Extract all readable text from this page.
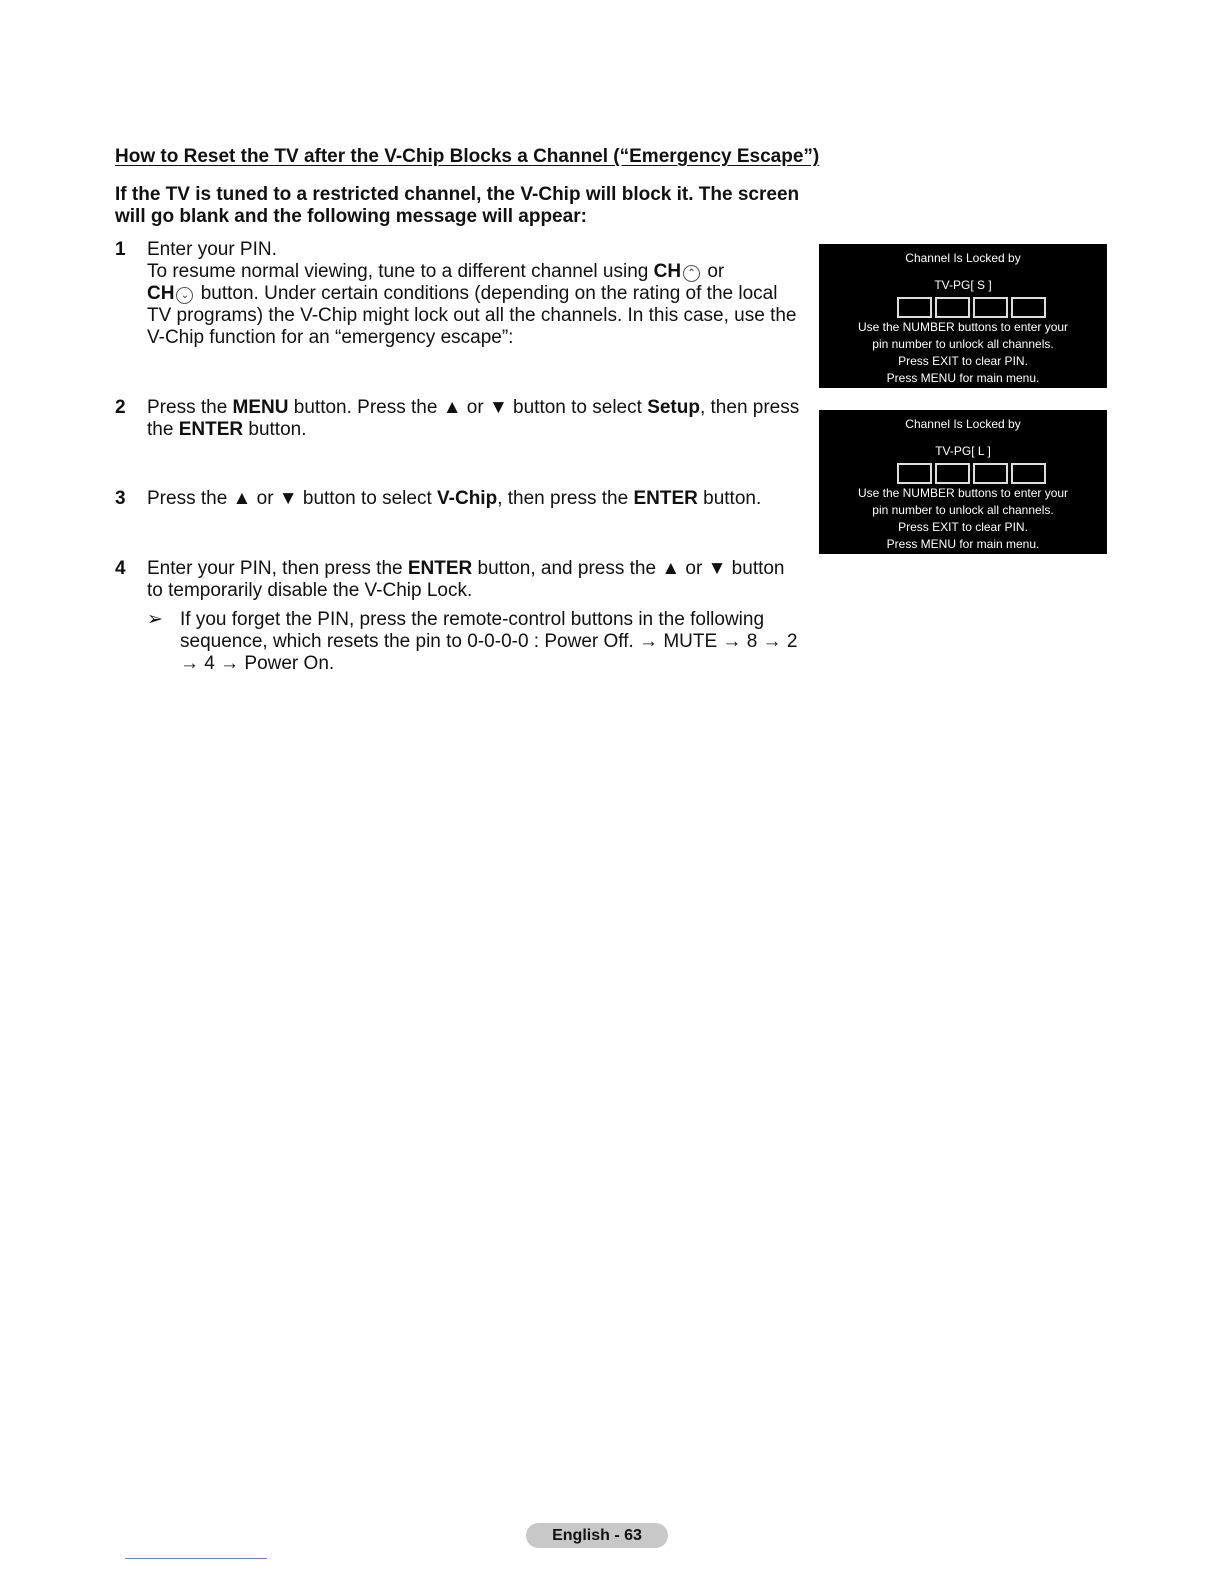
How to Reset the TV after the V-Chip Blocks a Channel (“Emergency Escape”)
If the TV is tuned to a restricted channel, the V-Chip will block it. The screen will go blank and the following message will appear:
1 Enter your PIN.
To resume normal viewing, tune to a different channel using CH ⌃ or
CH ⌄ button. Under certain conditions (depending on the rating of the local TV programs) the V-Chip might lock out all the channels. In this case, use the V-Chip function for an “emergency escape”:
2 Press the MENU button. Press the ▲ or ▼ button to select Setup, then press the ENTER button.
3 Press the ▲ or ▼ button to select V-Chip, then press the ENTER button.
4 Enter your PIN, then press the ENTER button, and press the ▲ or ▼ button to temporarily disable the V-Chip Lock.
➢ If you forget the PIN, press the remote-control buttons in the following sequence, which resets the pin to 0-0-0-0 : Power Off. → MUTE → 8 → 2 → 4 → Power On.
Channel Is Locked by
TV-PG[ S ]
Use the NUMBER buttons to enter your
pin number to unlock all channels.
Press EXIT to clear PIN.
Press MENU for main menu.
Channel Is Locked by
TV-PG[ L ]
Use the NUMBER buttons to enter your
pin number to unlock all channels.
Press EXIT to clear PIN.
Press MENU for main menu.
English - 63
